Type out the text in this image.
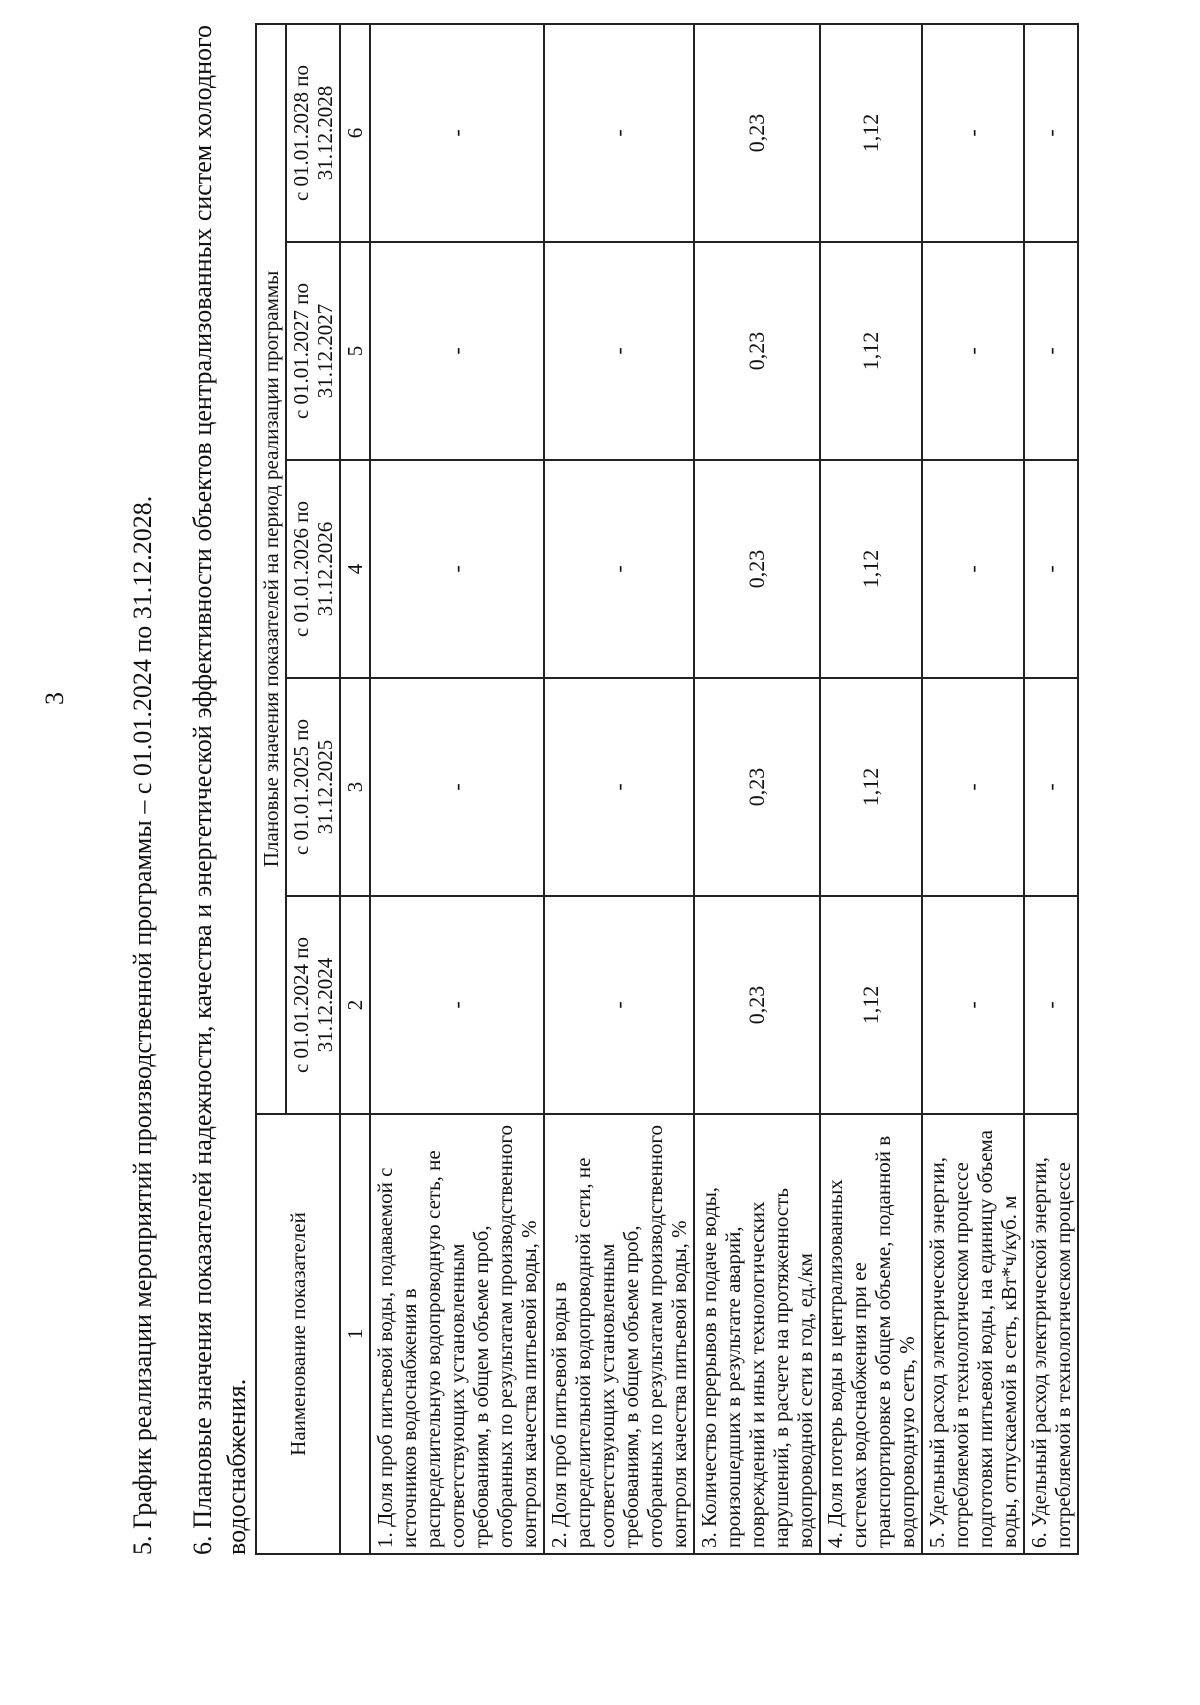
3 5. График реализации мероприятий производственной программы – с 01.01.2024 по 31.12.2028. 6. Плановые значения показателей надежности, качества и энергетической эффективности объектов централизованных систем холодного водоснабжения.
Наименование показателей	Плановые значения показателей на период реализации программы				
	с 01.01.2024 по 31.12.2024	с 01.01.2025 по 31.12.2025	с 01.01.2026 по 31.12.2026	с 01.01.2027 по 31.12.2027	с 01.01.2028 по 31.12.2028
1	2	3	4	5	6
1. Доля проб питьевой воды, подаваемой с источников водоснабжения в распределительную водопроводную сеть, не соответствующих установленным требованиям, в общем объеме проб, отобранных по результатам производственного контроля качества питьевой воды, %	-	-	-	-	-
2. Доля проб питьевой воды в распределительной водопроводной сети, не соответствующих установленным требованиям, в общем объеме проб, отобранных по результатам производственного контроля качества питьевой воды, %	-	-	-	-	-
3. Количество перерывов в подаче воды, произошедших в результате аварий, повреждений и иных технологических нарушений, в расчете на протяженность водопроводной сети в год, ед./км	0,23	0,23	0,23	0,23	0,23
4. Доля потерь воды в централизованных системах водоснабжения при ее транспортировке в общем объеме, поданной в водопроводную сеть, %	1,12	1,12	1,12	1,12	1,12
5. Удельный расход электрической энергии, потребляемой в технологическом процессе подготовки питьевой воды, на единицу объема воды, отпускаемой в сеть, кВт*ч/куб. м	-	-	-	-	-
6. Удельный расход электрической энергии, потребляемой в технологическом процессе	-	-	-	-	-
